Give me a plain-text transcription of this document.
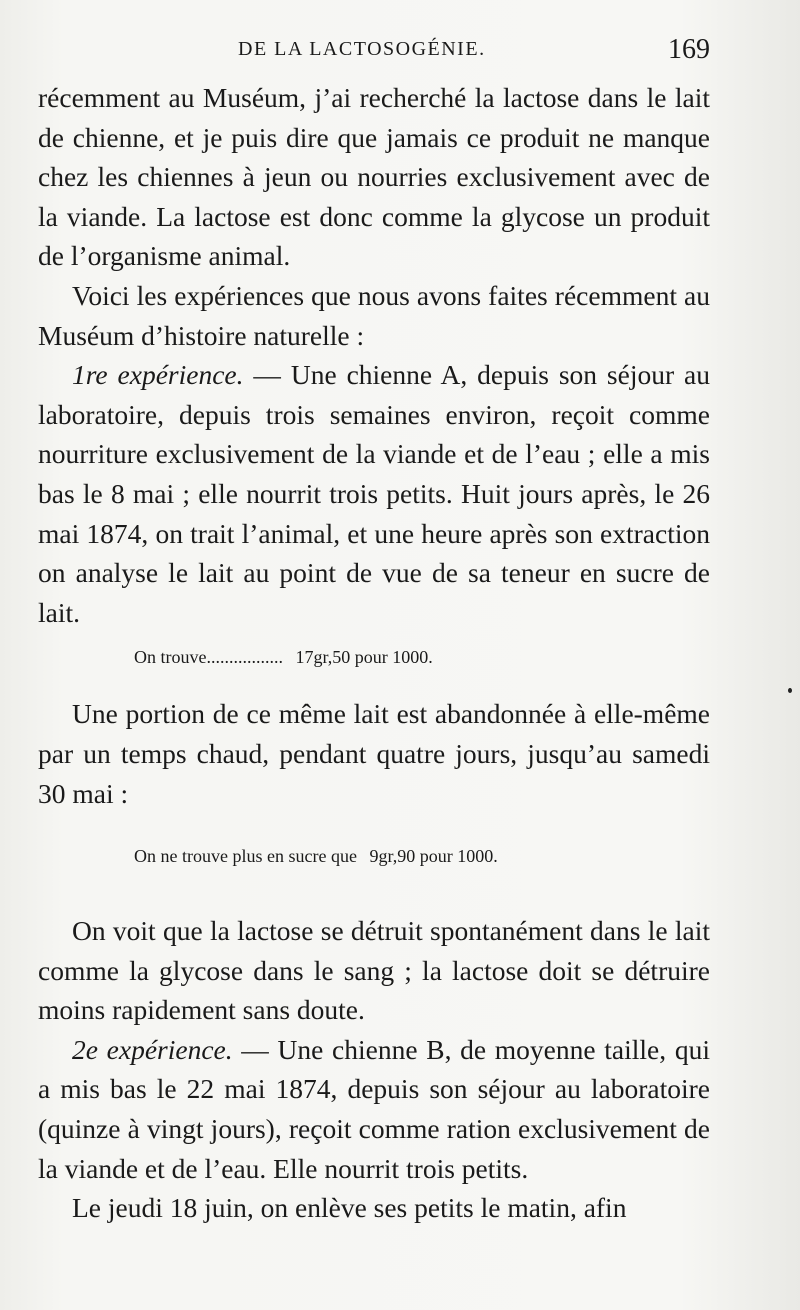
DE LA LACTOSOGÉNIE.	169

récemment au Muséum, j’ai recherché la lactose dans le lait de chienne, et je puis dire que jamais ce produit ne manque chez les chiennes à jeun ou nourries exclusivement avec de la viande. La lactose est donc comme la glycose un produit de l’organisme animal.

Voici les expériences que nous avons faites récemment au Muséum d’histoire naturelle :

1re expérience. — Une chienne A, depuis son séjour au laboratoire, depuis trois semaines environ, reçoit comme nourriture exclusivement de la viande et de l’eau ; elle a mis bas le 8 mai ; elle nourrit trois petits. Huit jours après, le 26 mai 1874, on trait l’animal, et une heure après son extraction on analyse le lait au point de vue de sa teneur en sucre de lait.

On trouve................. 17gr,50 pour 1000.

Une portion de ce même lait est abandonnée à elle-même par un temps chaud, pendant quatre jours, jusqu’au samedi 30 mai :

On ne trouve plus en sucre que 9gr,90 pour 1000.

On voit que la lactose se détruit spontanément dans le lait comme la glycose dans le sang ; la lactose doit se détruire moins rapidement sans doute.

2e expérience. — Une chienne B, de moyenne taille, qui a mis bas le 22 mai 1874, depuis son séjour au laboratoire (quinze à vingt jours), reçoit comme ration exclusivement de la viande et de l’eau. Elle nourrit trois petits.

Le jeudi 18 juin, on enlève ses petits le matin, afin
